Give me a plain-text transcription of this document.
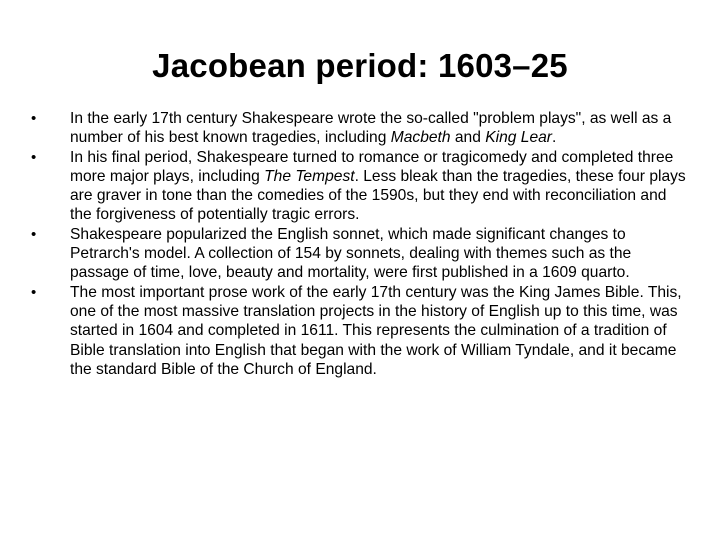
Jacobean period: 1603–25
• In the early 17th century Shakespeare wrote the so-called "problem plays", as well as a number of his best known tragedies, including Macbeth and King Lear.
• In his final period, Shakespeare turned to romance or tragicomedy and completed three more major plays, including The Tempest. Less bleak than the tragedies, these four plays are graver in tone than the comedies of the 1590s, but they end with reconciliation and the forgiveness of potentially tragic errors.
• Shakespeare popularized the English sonnet, which made significant changes to Petrarch's model. A collection of 154 by sonnets, dealing with themes such as the passage of time, love, beauty and mortality, were first published in a 1609 quarto.
• The most important prose work of the early 17th century was the King James Bible. This, one of the most massive translation projects in the history of English up to this time, was started in 1604 and completed in 1611. This represents the culmination of a tradition of Bible translation into English that began with the work of William Tyndale, and it became the standard Bible of the Church of England.
